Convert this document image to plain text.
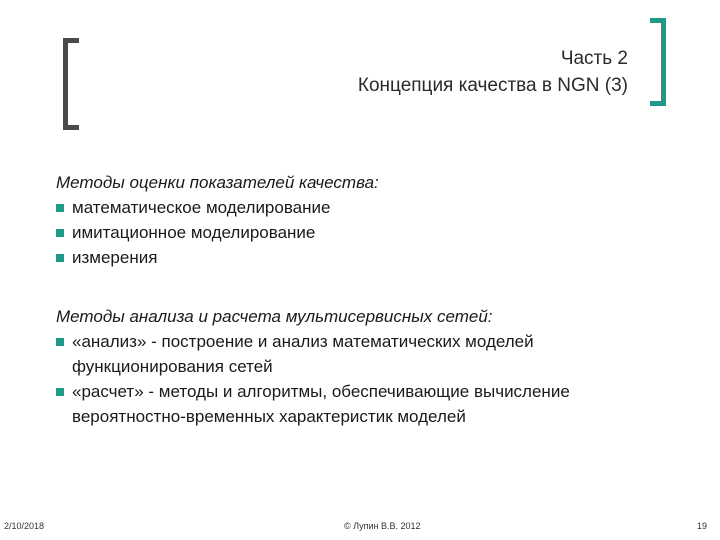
Часть 2
Концепция качества в NGN (3)
Методы оценки показателей качества:
математическое моделирование
имитационное моделирование
измерения
Методы анализа и расчета мультисервисных сетей:
«анализ» - построение и анализ математических моделей
функционирования сетей
«расчет» - методы и алгоритмы, обеспечивающие вычисление
вероятностно-временных характеристик моделей
2/10/2018	© Лупин В.В. 2012	19
